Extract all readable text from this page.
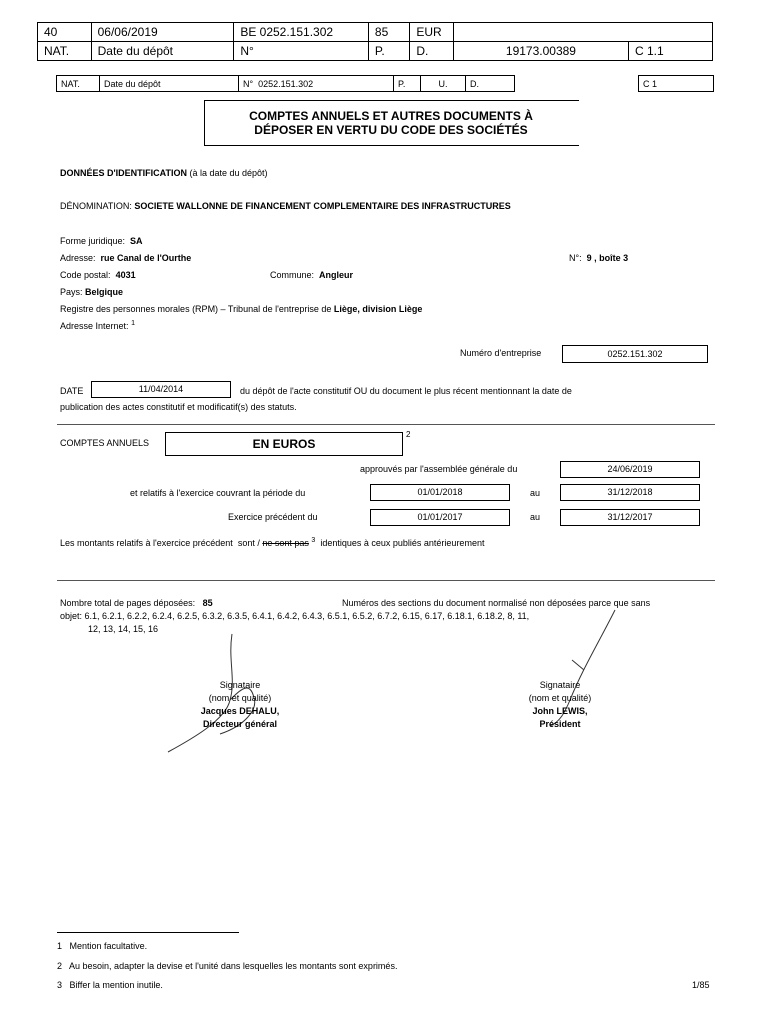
40	06/06/2019	BE 0252.151.302	85	EUR		
NAT.	Date du dépôt	N°	P.	D.	19173.00389	C 1.1
NAT.	Date du dépôt	N° 0252.151.302	P.	U.	D.		C 1
COMPTES ANNUELS ET AUTRES DOCUMENTS À
DÉPOSER EN VERTU DU CODE DES SOCIÉTÉS
DONNÉES D'IDENTIFICATION (à la date du dépôt)
DÉNOMINATION: SOCIETE WALLONNE DE FINANCEMENT COMPLEMENTAIRE DES INFRASTRUCTURES
Forme juridique: SA
Adresse: rue Canal de l'Ourthe	N°: 9 , boîte 3
Code postal: 4031	Commune: Angleur
Pays: Belgique
Registre des personnes morales (RPM) – Tribunal de l'entreprise de Liège, division Liège
Adresse Internet: $^1$
Numéro d'entreprise	0252.151.302
DATE	11/04/2014	du dépôt de l'acte constitutif OU du document le plus récent mentionnant la date de
publication des actes constitutif et modificatif(s) des statuts.
COMPTES ANNUELS	EN EUROS
2
approuvés par l'assemblée générale du	24/06/2019
et relatifs à l'exercice couvrant la période du	01/01/2018	au	31/12/2018
Exercice précédent du	01/01/2017	au	31/12/2017
Les montants relatifs à l'exercice précédent sont / ne sont pas $^3$ identiques à ceux publiés antérieurement
Nombre total de pages déposées: 85	Numéros des sections du document normalisé non déposées parce que sans
objet: 6.1, 6.2.1, 6.2.2, 6.2.4, 6.2.5, 6.3.2, 6.3.5, 6.4.1, 6.4.2, 6.4.3, 6.5.1, 6.5.2, 6.7.2, 6.15, 6.17, 6.18.1, 6.18.2, 8, 11,
12, 13, 14, 15, 16
Signataire
(nom et qualité)
Jacques DEHALU,
Directeur général
Signataire
(nom et qualité)
John LEWIS,
Président
1 Mention facultative.
2 Au besoin, adapter la devise et l'unité dans lesquelles les montants sont exprimés.
3 Biffer la mention inutile.	1/85
